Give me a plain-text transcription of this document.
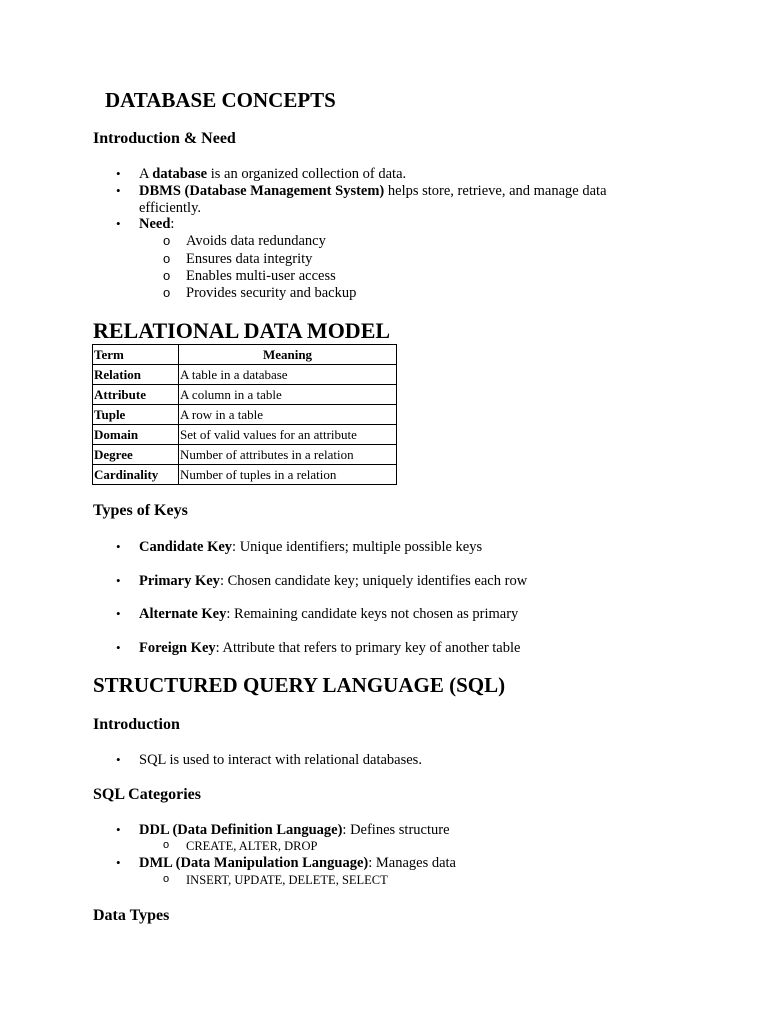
DATABASE CONCEPTS
Introduction & Need
• A database is an organized collection of data.
• DBMS (Database Management System) helps store, retrieve, and manage data
efficiently.
• Need:
o Avoids data redundancy
o Ensures data integrity
o Enables multi-user access
o Provides security and backup
RELATIONAL DATA MODEL
Term	Meaning
Relation	A table in a database
Attribute	A column in a table
Tuple	A row in a table
Domain	Set of valid values for an attribute
Degree	Number of attributes in a relation
Cardinality	Number of tuples in a relation
Types of Keys
• Candidate Key: Unique identifiers; multiple possible keys
• Primary Key: Chosen candidate key; uniquely identifies each row
• Alternate Key: Remaining candidate keys not chosen as primary
• Foreign Key: Attribute that refers to primary key of another table
STRUCTURED QUERY LANGUAGE (SQL)
Introduction
• SQL is used to interact with relational databases.
SQL Categories
• DDL (Data Definition Language): Defines structure
o CREATE, ALTER, DROP
• DML (Data Manipulation Language): Manages data
o INSERT, UPDATE, DELETE, SELECT
Data Types
